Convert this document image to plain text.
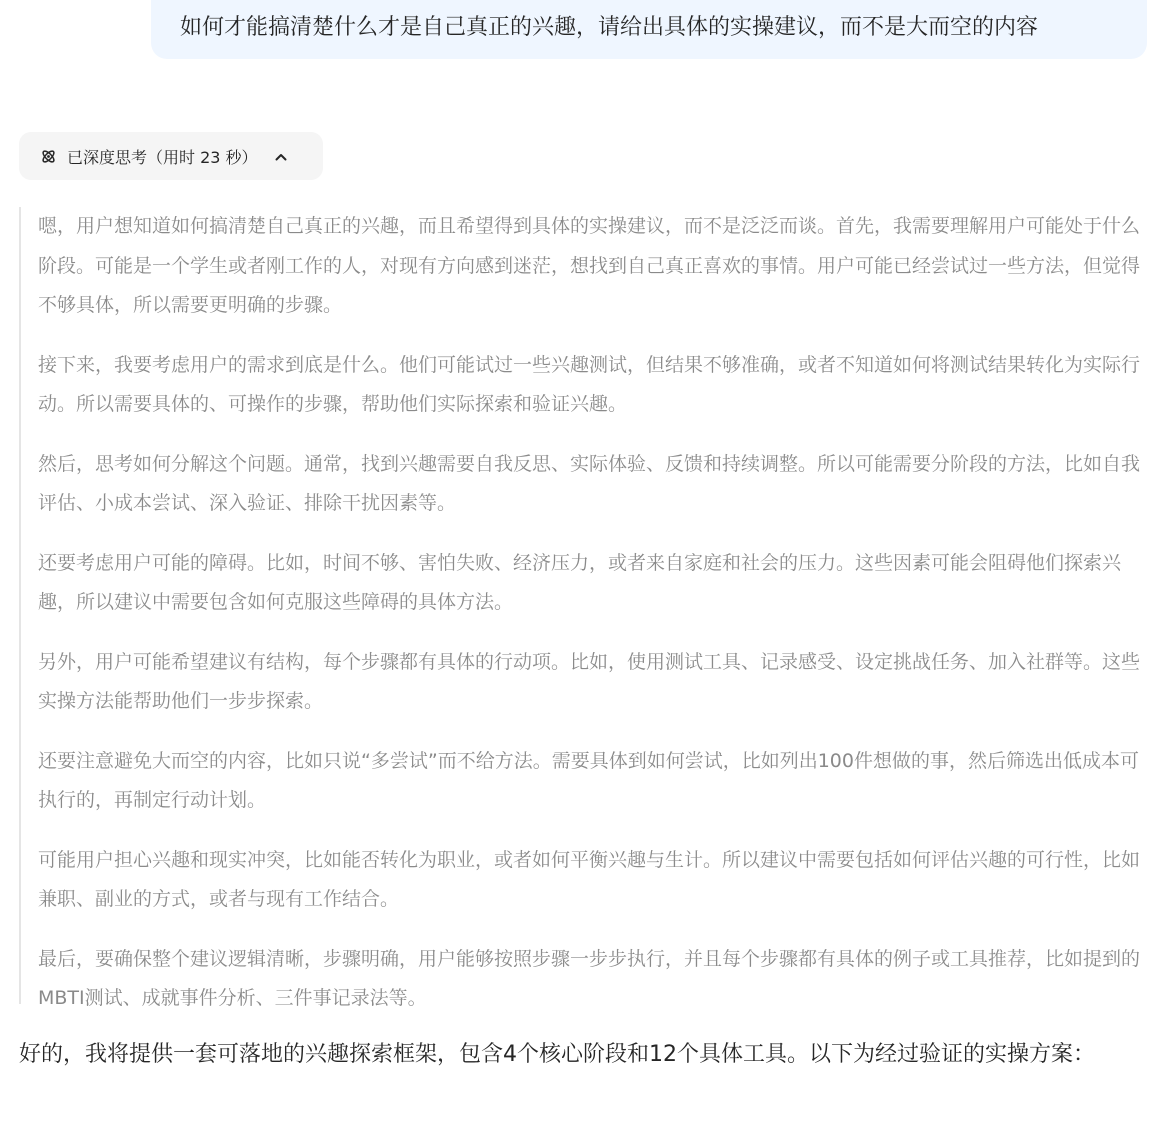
如何才能搞清楚什么才是自己真正的兴趣，请给出具体的实操建议，而不是大而空的内容
已深度思考（用时 23 秒）

嗯，用户想知道如何搞清楚自己真正的兴趣，而且希望得到具体的实操建议，而不是泛泛而谈。首先，我需要理解用户可能处于什么阶段。可能是一个学生或者刚工作的人，对现有方向感到迷茫，想找到自己真正喜欢的事情。用户可能已经尝试过一些方法，但觉得不够具体，所以需要更明确的步骤。

接下来，我要考虑用户的需求到底是什么。他们可能试过一些兴趣测试，但结果不够准确，或者不知道如何将测试结果转化为实际行动。所以需要具体的、可操作的步骤，帮助他们实际探索和验证兴趣。

然后，思考如何分解这个问题。通常，找到兴趣需要自我反思、实际体验、反馈和持续调整。所以可能需要分阶段的方法，比如自我评估、小成本尝试、深入验证、排除干扰因素等。

还要考虑用户可能的障碍。比如，时间不够、害怕失败、经济压力，或者来自家庭和社会的压力。这些因素可能会阻碍他们探索兴趣，所以建议中需要包含如何克服这些障碍的具体方法。

另外，用户可能希望建议有结构，每个步骤都有具体的行动项。比如，使用测试工具、记录感受、设定挑战任务、加入社群等。这些实操方法能帮助他们一步步探索。

还要注意避免大而空的内容，比如只说“多尝试”而不给方法。需要具体到如何尝试，比如列出100件想做的事，然后筛选出低成本可执行的，再制定行动计划。

可能用户担心兴趣和现实冲突，比如能否转化为职业，或者如何平衡兴趣与生计。所以建议中需要包括如何评估兴趣的可行性，比如兼职、副业的方式，或者与现有工作结合。

最后，要确保整个建议逻辑清晰，步骤明确，用户能够按照步骤一步步执行，并且每个步骤都有具体的例子或工具推荐，比如提到的MBTI测试、成就事件分析、三件事记录法等。

好的，我将提供一套可落地的兴趣探索框架，包含4个核心阶段和12个具体工具。以下为经过验证的实操方案：
